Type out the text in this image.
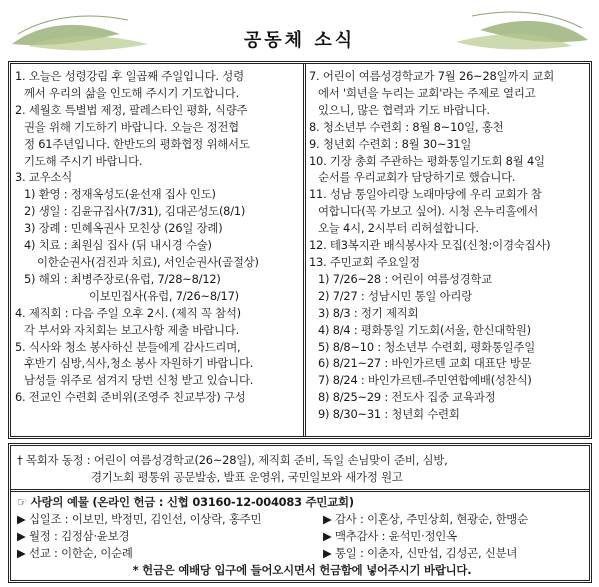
공동체 소식
1. 오늘은 성령강림 후 일곱째 주일입니다. 성령
께서 우리의 삶을 인도해 주시기 기도합니다.
2. 세월호 특별법 제정, 팔레스타인 평화, 식량주
권을 위해 기도하기 바랍니다. 오늘은 정전협
정 61주년입니다. 한반도의 평화협정 위해서도
기도해 주시기 바랍니다.
3. 교우소식
1) 환영 : 정재옥성도(윤선재 집사 인도)
2) 생일 : 김윤규집사(7/31), 김대곤성도(8/1)
3) 장례 : 민혜옥권사 모친상 (26일 장례)
4) 치료 : 최원심 집사 (뒤 내시경 수술)
이한순권사(검진과 치료), 서인순권사(골절상)
5) 해외 : 최병주장로(유럽, 7/28~8/12)
이보민집사(유럽, 7/26~8/17)
4. 제직회 : 다음 주일 오후 2시. (제직 꼭 참석)
각 부서와 자치회는 보고사항 제출 바랍니다.
5. 식사와 청소 봉사하신 분들에게 감사드리며,
후반기 심방,식사,청소 봉사 자원하기 바랍니다.
남성들 위주로 섬겨지 당번 신청 받고 있습니다.
6. 전교인 수련회 준비위(조영주 친교부장) 구성
7. 어린이 여름성경학교가 7월 26~28일까지 교회
에서 '희년을 누리는 교회'라는 주제로 열리고
있으니, 많은 협력과 기도 바랍니다.
8. 청소년부 수련회 : 8월 8~10일, 홍천
9. 청년회 수련회 : 8월 30~31일
10. 기장 총회 주관하는 평화통일기도회 8월 4일
순서를 우리교회가 담당하기로 했습니다.
11. 성남 통일아리랑 노래마당에 우리 교회가 참
여합니다(꼭 가보고 싶어). 시청 온누리홀에서
오늘 4시, 2시부터 리허설합니다.
12. 테3복지관 배식봉사자 모집(신청:이경숙집사)
13. 주민교회 주요일정
1) 7/26~28 : 어린이 여름성경학교
2) 7/27 : 성남시민 통일 아리랑
3) 8/3 : 정기 제직회
4) 8/4 : 평화통일 기도회(서울, 한신대학원)
5) 8/8~10 : 청소년부 수련회, 평화통일주일
6) 8/21~27 : 바인가르텐 교회 대표단 방문
7) 8/24 : 바인가르텐-주민연합예배(성찬식)
8) 8/25~29 : 전도사 집중 교육과정
9) 8/30~31 : 청년회 수련회
† 목회자 동정 : 어린이 여름성경학교(26~28일), 제직회 준비, 독일 손님맞이 준비, 심방,
경기노회 평통위 공문발송, 발표 운영위, 국민일보와 새가정 원고
☞ 사랑의 예물 (온라인 헌금 : 신협 03160-12-004083 주민교회)
▶ 십일조 : 이보민, 박정민, 김인선, 이상락, 홍주민	▶ 감사 : 이혼상, 주민상회, 현광순, 한맹순
▶ 월정 : 김정삼·윤보경	▶ 맥추감사 : 윤석민·정인옥
▶ 선교 : 이한순, 이순례	▶ 통일 : 이춘자, 신만섭, 김성곤, 신분녀
* 헌금은 예배당 입구에 들어오시면서 헌금함에 넣어주시기 바랍니다.
